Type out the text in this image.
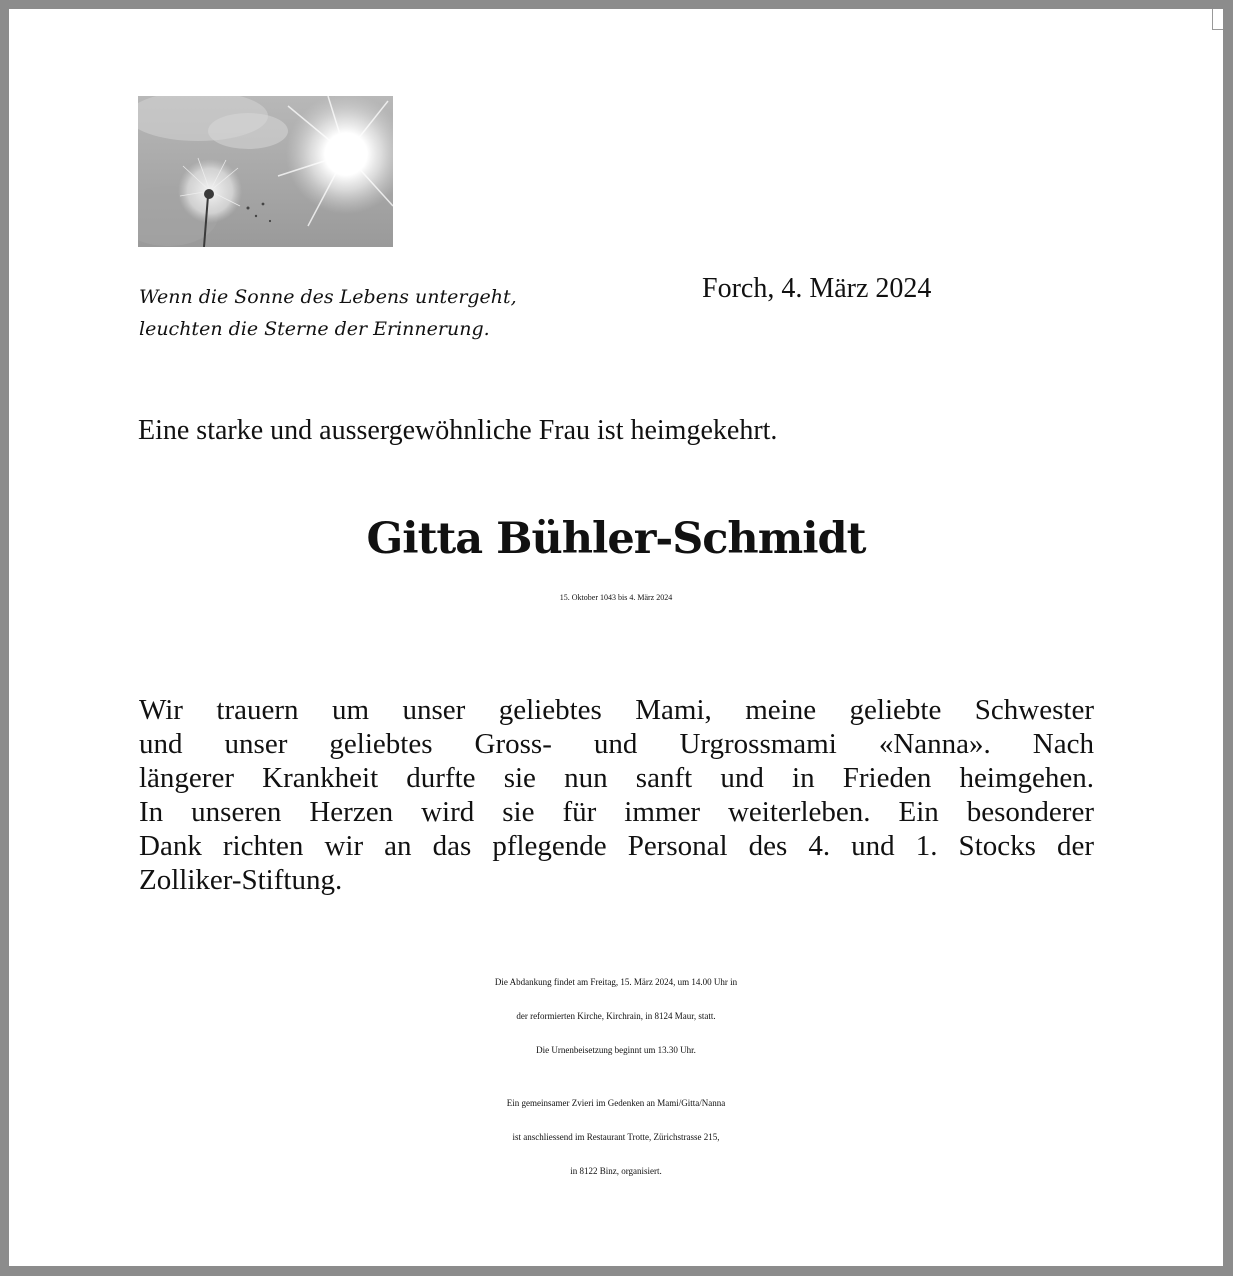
Wenn die Sonne des Lebens untergeht,
leuchten die Sterne der Erinnerung.
Forch, 4. März 2024
Eine starke und aussergewöhnliche Frau ist heimgekehrt.
Gitta Bühler-Schmidt
15. Oktober 1043 bis 4. März 2024
Wir trauern um unser geliebtes Mami, meine geliebte Schwester
und unser geliebtes Gross- und Urgrossmami «Nanna». Nach
längerer Krankheit durfte sie nun sanft und in Frieden heimgehen.
In unseren Herzen wird sie für immer weiterleben. Ein besonderer
Dank richten wir an das pflegende Personal des 4. und 1. Stocks der
Zolliker-Stiftung.
Die Abdankung findet am Freitag, 15. März 2024, um 14.00 Uhr in
der reformierten Kirche, Kirchrain, in 8124 Maur, statt.
Die Urnenbeisetzung beginnt um 13.30 Uhr.
Ein gemeinsamer Zvieri im Gedenken an Mami/Gitta/Nanna
ist anschliessend im Restaurant Trotte, Zürichstrasse 215,
in 8122 Binz, organisiert.
